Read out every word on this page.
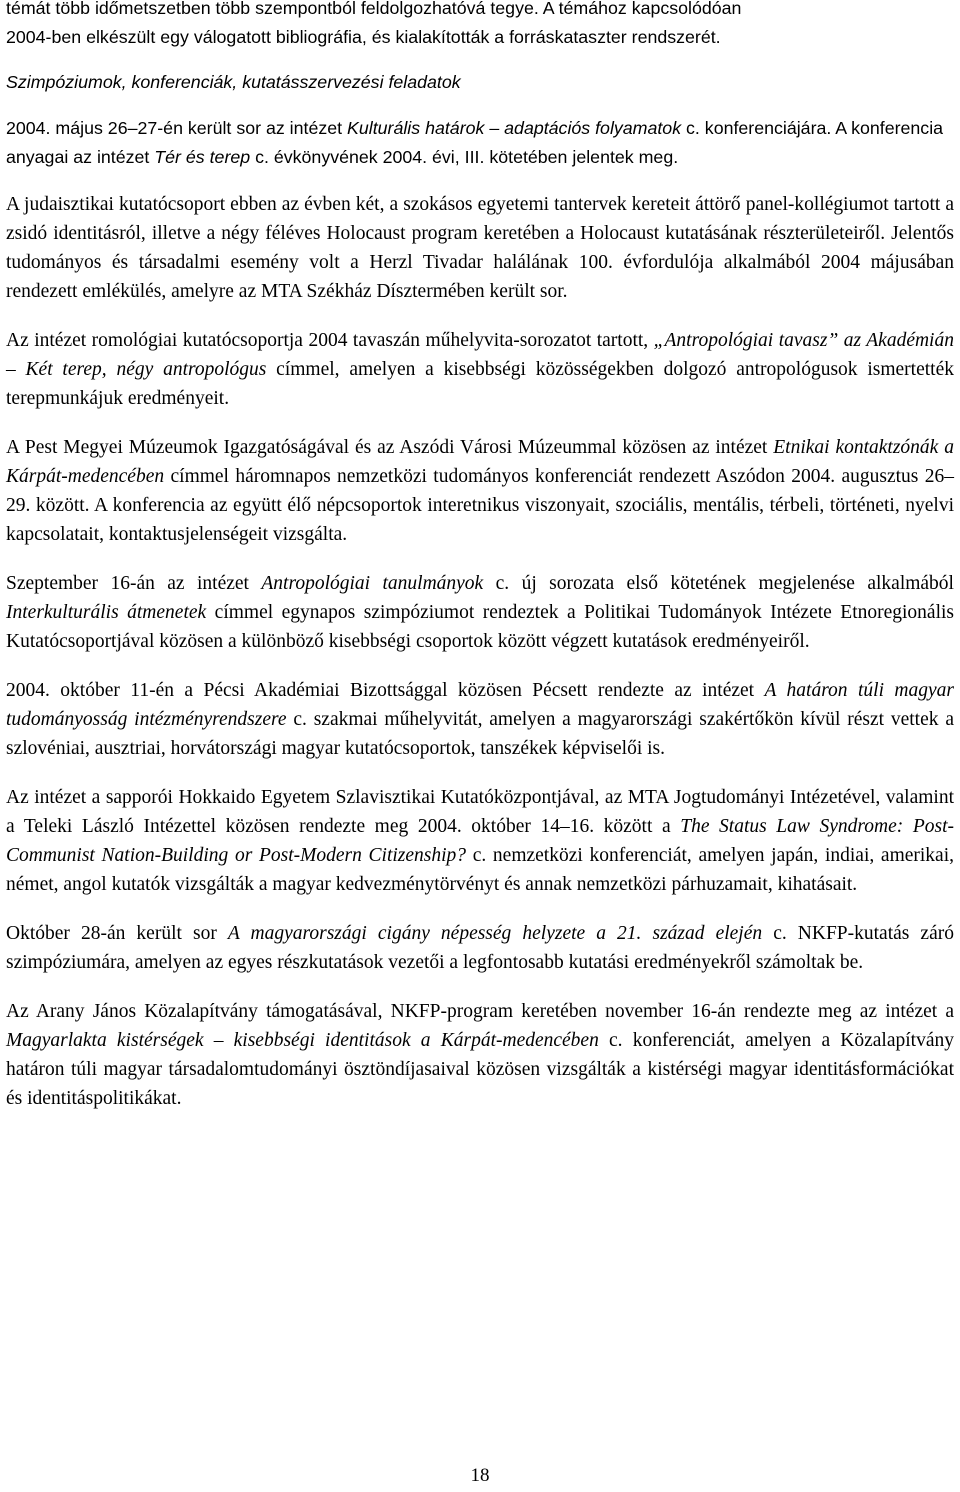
témát több időmetszetben több szempontból feldolgozhatóvá tegye. A témához kapcsolódóan
2004-ben elkészült egy válogatott bibliográfia, és kialakították a forráskataszter rendszerét.

Szimpóziumok, konferenciák, kutatásszervezési feladatok

2004. május 26–27-én került sor az intézet Kulturális határok – adaptációs folyamatok c. konferenciájára. A konferencia anyagai az intézet Tér és terep c. évkönyvének 2004. évi, III. kötetében jelentek meg.

A judaisztikai kutatócsoport ebben az évben két, a szokásos egyetemi tantervek kereteit áttörő panel-kollégiumot tartott a zsidó identitásról, illetve a négy féléves Holocaust program keretében a Holocaust kutatásának részterületeiről. Jelentős tudományos és társadalmi esemény volt a Herzl Tivadar halálának 100. évfordulója alkalmából 2004 májusában rendezett emlékülés, amelyre az MTA Székház Dísztermében került sor.

Az intézet romológiai kutatócsoportja 2004 tavaszán műhelyvita-sorozatot tartott, „Antropológiai tavasz” az Akadémián – Két terep, négy antropológus címmel, amelyen a kisebbségi közösségekben dolgozó antropológusok ismertették terepmunkájuk eredményeit.

A Pest Megyei Múzeumok Igazgatóságával és az Aszódi Városi Múzeummal közösen az intézet Etnikai kontaktzónák a Kárpát-medencében címmel háromnapos nemzetközi tudományos konferenciát rendezett Aszódon 2004. augusztus 26–29. között. A konferencia az együtt élő népcsoportok interetnikus viszonyait, szociális, mentális, térbeli, történeti, nyelvi kapcsolatait, kontaktusjelenségeit vizsgálta.

Szeptember 16-án az intézet Antropológiai tanulmányok c. új sorozata első kötetének megjelenése alkalmából Interkulturális átmenetek címmel egynapos szimpóziumot rendeztek a Politikai Tudományok Intézete Etnoregionális Kutatócsoportjával közösen a különböző kisebbségi csoportok között végzett kutatások eredményeiről.

2004. október 11-én a Pécsi Akadémiai Bizottsággal közösen Pécsett rendezte az intézet A határon túli magyar tudományosság intézményrendszere c. szakmai műhelyvitát, amelyen a magyarországi szakértőkön kívül részt vettek a szlovéniai, ausztriai, horvátországi magyar kutatócsoportok, tanszékek képviselői is.

Az intézet a sapporói Hokkaido Egyetem Szlavisztikai Kutatóközpontjával, az MTA Jogtudományi Intézetével, valamint a Teleki László Intézettel közösen rendezte meg 2004. október 14–16. között a The Status Law Syndrome: Post-Communist Nation-Building or Post-Modern Citizenship? c. nemzetközi konferenciát, amelyen japán, indiai, amerikai, német, angol kutatók vizsgálták a magyar kedvezménytörvényt és annak nemzetközi párhuzamait, kihatásait.

Október 28-án került sor A magyarországi cigány népesség helyzete a 21. század elején c. NKFP-kutatás záró szimpóziumára, amelyen az egyes részkutatások vezetői a legfontosabb kutatási eredményekről számoltak be.

Az Arany János Közalapítvány támogatásával, NKFP-program keretében november 16-án rendezte meg az intézet a Magyarlakta kistérségek – kisebbségi identitások a Kárpát-medencében c. konferenciát, amelyen a Közalapítvány határon túli magyar társadalomtudományi ösztöndíjasaival közösen vizsgálták a kistérségi magyar identitásformációkat és identitáspolitikákat.

18
